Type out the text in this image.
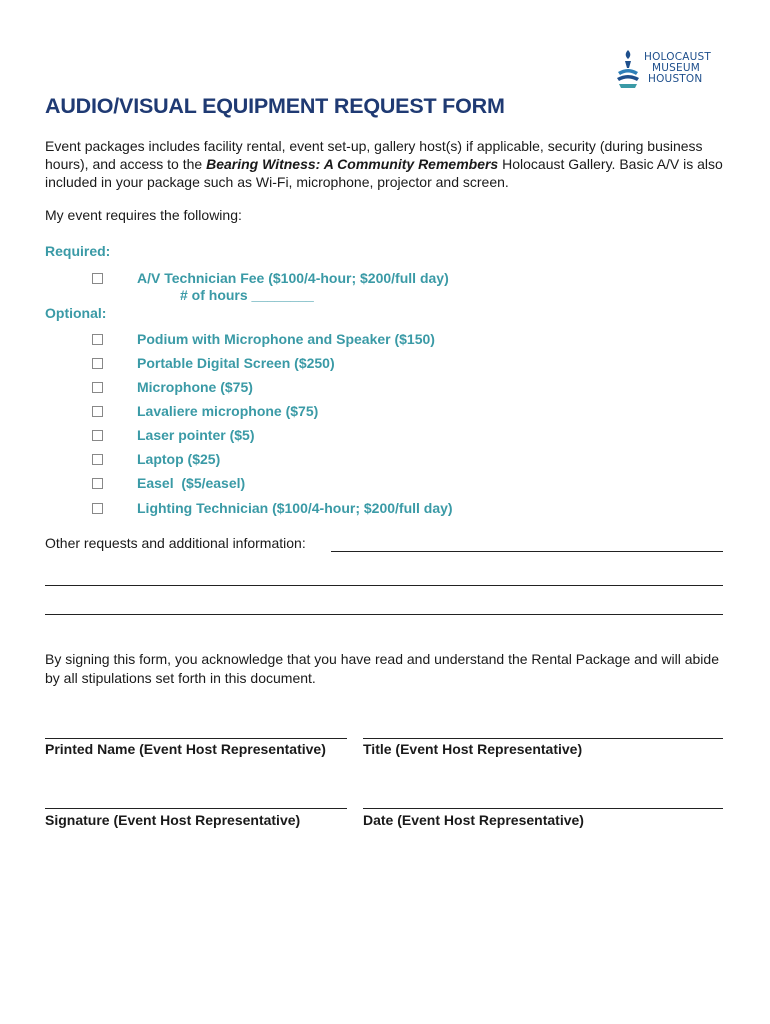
HOLOCAUST
MUSEUM
HOUSTON
AUDIO/VISUAL EQUIPMENT REQUEST FORM

Event packages includes facility rental, event set-up, gallery host(s) if applicable, security (during business hours), and access to the Bearing Witness: A Community Remembers Holocaust Gallery. Basic A/V is also included in your package such as Wi-Fi, microphone, projector and screen.

My event requires the following:

Required:

A/V Technician Fee ($100/4-hour; $200/full day)
# of hours ________

Optional:

Podium with Microphone and Speaker ($150)
Portable Digital Screen ($250)
Microphone ($75)
Lavaliere microphone ($75)
Laser pointer ($5)
Laptop ($25)
Easel  ($5/easel)
Lighting Technician ($100/4-hour; $200/full day)
Other requests and additional information:

By signing this form, you acknowledge that you have read and understand the Rental Package and will abide by all stipulations set forth in this document.

Printed Name (Event Host Representative)	Title (Event Host Representative)
Signature (Event Host Representative)	Date (Event Host Representative)
